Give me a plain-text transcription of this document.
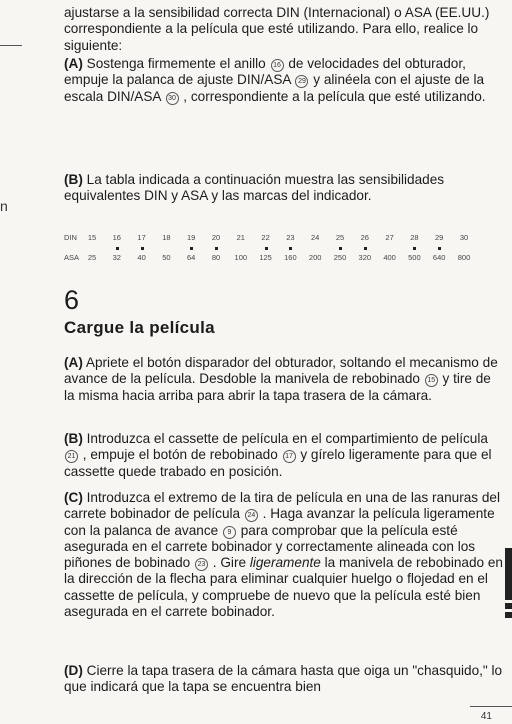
n

ajustarse a la sensibilidad correcta DIN (Internacional) o ASA (EE.UU.) correspondiente a la película que esté utilizando. Para ello, realice lo siguiente:

(A) Sostenga firmemente el anillo 16 de velocidades del obturador, empuje la palanca de ajuste DIN/ASA 29 y alinéela con el ajuste de la escala DIN/ASA 30 , correspondiente a la película que esté utilizando.

(B) La tabla indicada a continuación muestra las sensibilidades equivalentes DIN y ASA y las marcas del indicador.

DIN	15	16	17	18	19	20	21	22	23	24	25	26	27	28	29	30
ASA	25	32	40	50	64	80	100	125	160	200	250	320	400	500	640	800
6
Cargue la película

(A) Apriete el botón disparador del obturador, soltando el mecanismo de avance de la película. Desdoble la manivela de rebobinado 15 y tire de la misma hacia arriba para abrir la tapa trasera de la cámara.

(B) Introduzca el cassette de película en el compartimiento de película 21 , empuje el botón de rebobinado 17 y gírelo ligeramente para que el cassette quede trabado en posición.

(C) Introduzca el extremo de la tira de película en una de las ranuras del carrete bobinador de película 24 . Haga avanzar la película ligeramente con la palanca de avance 9 para comprobar que la película esté asegurada en el carrete bobinador y correctamente alineada con los piñones de bobinado 23 . Gire ligeramente la manivela de rebobinado en la dirección de la flecha para eliminar cualquier huelgo o flojedad en el cassette de película, y compruebe de nuevo que la película esté bien asegurada en el carrete bobinador.

(D) Cierre la tapa trasera de la cámara hasta que oiga un "chasquido," lo que indicará que la tapa se encuentra bien

41
